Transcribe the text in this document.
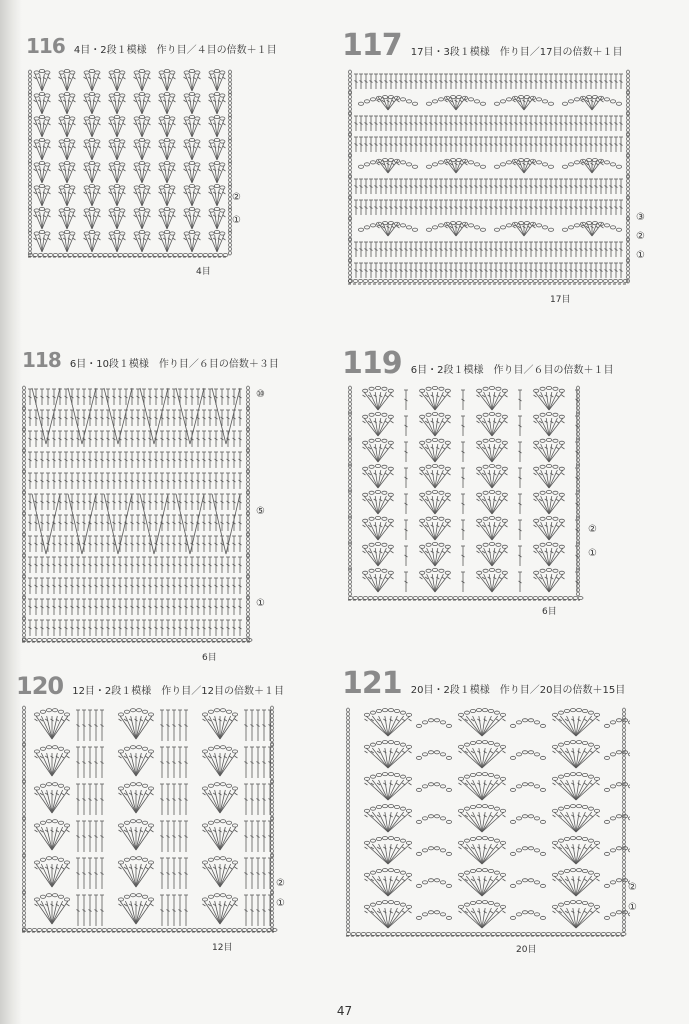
116 4目・2段１模様　作り目／４目の倍数＋１目
②
①
4目
117 17目・3段１模様　作り目／17目の倍数＋１目
③
②
①
17目
118 6目・10段１模様　作り目／６目の倍数＋３目
⑩
⑤
①
6目
119 6目・2段１模様　作り目／６目の倍数＋１目
②
①
6目
120 12目・2段１模様　作り目／12目の倍数＋１目
②
①
12目
121 20目・2段１模様　作り目／20目の倍数＋15目
②
①
20目
47
